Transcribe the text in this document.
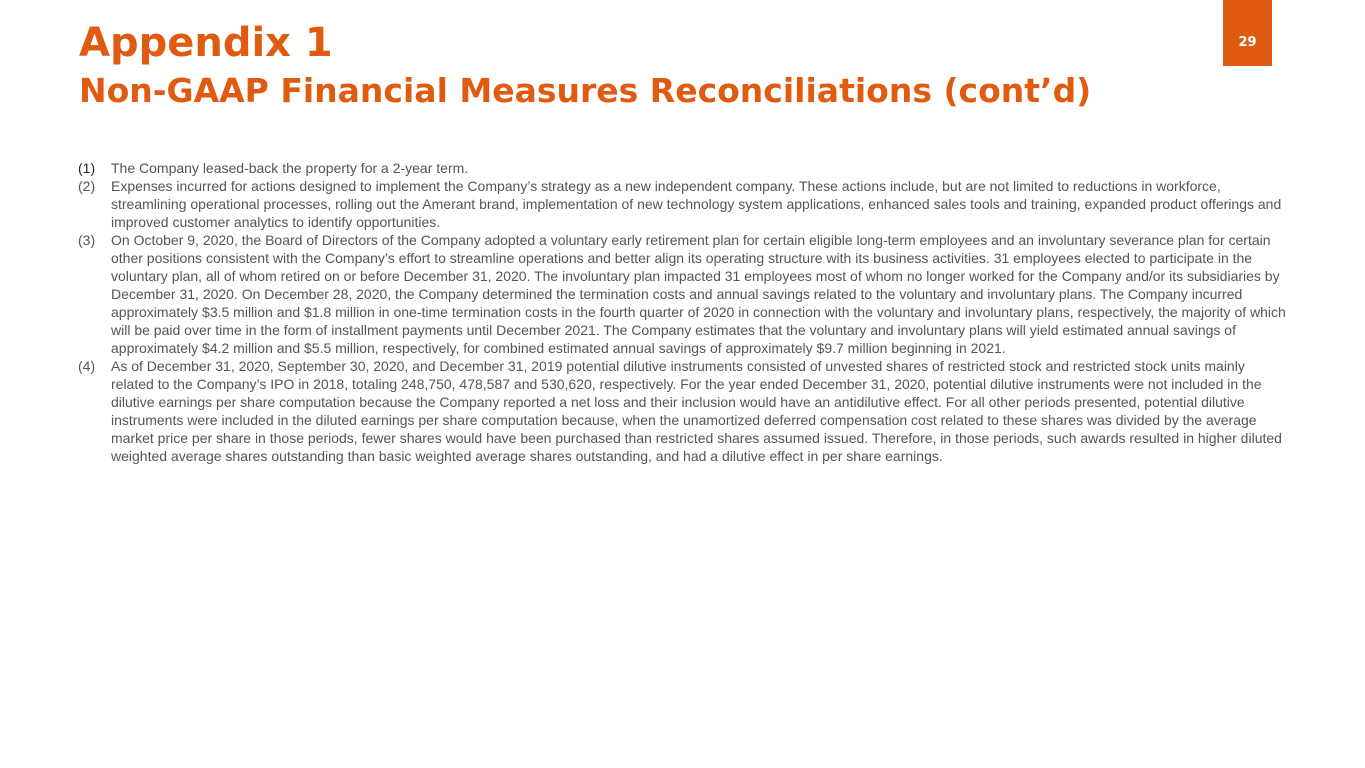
29
Appendix 1
Non-GAAP Financial Measures Reconciliations (cont’d)
(1) The Company leased-back the property for a 2-year term.
(2) Expenses incurred for actions designed to implement the Company’s strategy as a new independent company. These actions include, but are not limited to reductions in workforce, streamlining operational processes, rolling out the Amerant brand, implementation of new technology system applications, enhanced sales tools and training, expanded product offerings and improved customer analytics to identify opportunities.
(3) On October 9, 2020, the Board of Directors of the Company adopted a voluntary early retirement plan for certain eligible long-term employees and an involuntary severance plan for certain other positions consistent with the Company’s effort to streamline operations and better align its operating structure with its business activities. 31 employees elected to participate in the voluntary plan, all of whom retired on or before December 31, 2020. The involuntary plan impacted 31 employees most of whom no longer worked for the Company and/or its subsidiaries by December 31, 2020. On December 28, 2020, the Company determined the termination costs and annual savings related to the voluntary and involuntary plans. The Company incurred approximately $3.5 million and $1.8 million in one-time termination costs in the fourth quarter of 2020 in connection with the voluntary and involuntary plans, respectively, the majority of which will be paid over time in the form of installment payments until December 2021. The Company estimates that the voluntary and involuntary plans will yield estimated annual savings of approximately $4.2 million and $5.5 million, respectively, for combined estimated annual savings of approximately $9.7 million beginning in 2021.
(4) As of December 31, 2020, September 30, 2020, and December 31, 2019 potential dilutive instruments consisted of unvested shares of restricted stock and restricted stock units mainly related to the Company’s IPO in 2018, totaling 248,750, 478,587 and 530,620, respectively. For the year ended December 31, 2020, potential dilutive instruments were not included in the dilutive earnings per share computation because the Company reported a net loss and their inclusion would have an antidilutive effect. For all other periods presented, potential dilutive instruments were included in the diluted earnings per share computation because, when the unamortized deferred compensation cost related to these shares was divided by the average market price per share in those periods, fewer shares would have been purchased than restricted shares assumed issued. Therefore, in those periods, such awards resulted in higher diluted weighted average shares outstanding than basic weighted average shares outstanding, and had a dilutive effect in per share earnings.
